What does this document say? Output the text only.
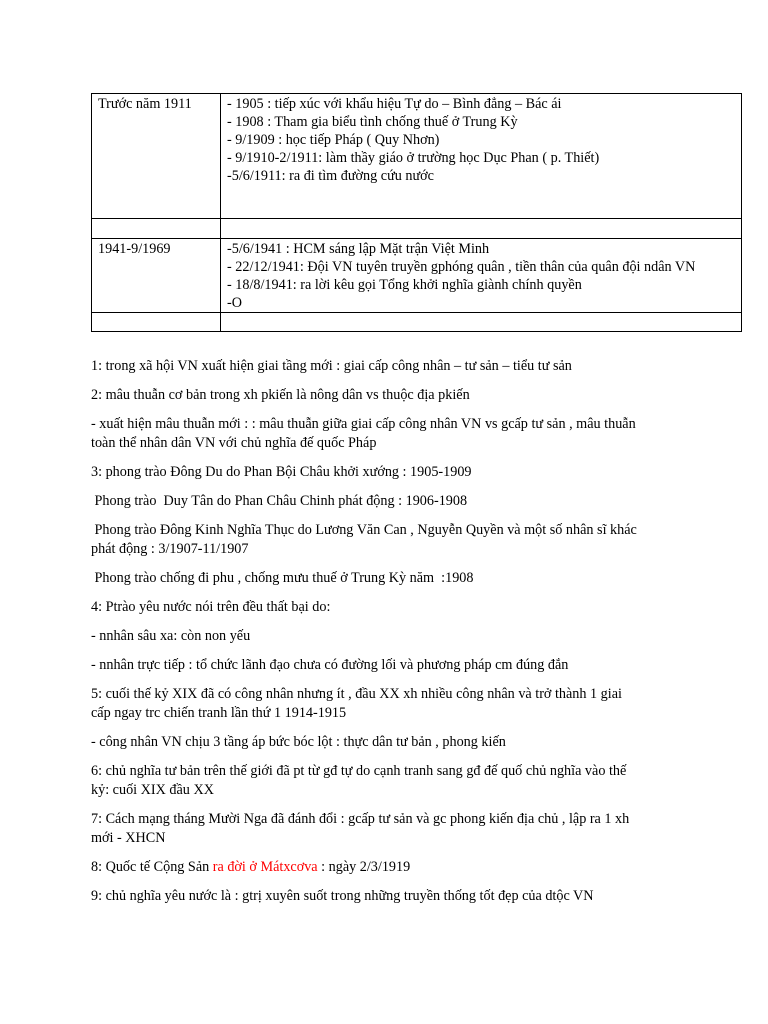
Trước năm 1911	- 1905 : tiếp xúc với khẩu hiệu Tự do – Bình đẳng – Bác ái
- 1908 : Tham gia biểu tình chống thuế ở Trung Kỳ
- 9/1909 : học tiếp Pháp ( Quy Nhơn)
- 9/1910-2/1911: làm thầy giáo ở trường học Dục Phan ( p. Thiết)
-5/6/1911: ra đi tìm đường cứu nước

1941-9/1969	-5/6/1941 : HCM sáng lập Mặt trận Việt Minh
- 22/12/1941: Đội VN tuyên truyền gphóng quân , tiền thân của quân đội ndân VN
- 18/8/1941: ra lời kêu gọi Tổng khởi nghĩa giành chính quyền
-O

1: trong xã hội VN xuất hiện giai tầng mới : giai cấp công nhân – tư sản – tiểu tư sản

2: mâu thuẫn cơ bản trong xh pkiến là nông dân vs thuộc địa pkiến

- xuất hiện mâu thuẫn mới : : mâu thuẫn giữa giai cấp công nhân VN vs gcấp tư sản , mâu thuẫn
toàn thể nhân dân VN với chủ nghĩa đế quốc Pháp

3: phong trào Đông Du do Phan Bội Châu khởi xướng : 1905-1909

Phong trào  Duy Tân do Phan Châu Chinh phát động : 1906-1908

Phong trào Đông Kinh Nghĩa Thục do Lương Văn Can , Nguyễn Quyền và một số nhân sĩ khác
phát động : 3/1907-11/1907

Phong trào chống đi phu , chống mưu thuế ở Trung Kỳ năm  :1908

4: Ptrào yêu nước nói trên đều thất bại do:

- nnhân sâu xa: còn non yếu

- nnhân trực tiếp : tổ chức lãnh đạo chưa có đường lối và phương pháp cm đúng đắn

5: cuối thế kỷ XIX đã có công nhân nhưng ít , đầu XX xh nhiều công nhân và trở thành 1 giai
cấp ngay trc chiến tranh lần thứ 1 1914-1915

- công nhân VN chịu 3 tầng áp bức bóc lột : thực dân tư bản , phong kiến

6: chủ nghĩa tư bản trên thế giới đã pt từ gđ tự do cạnh tranh sang gđ đế quố chủ nghĩa vào thế
kỷ: cuối XIX đầu XX

7: Cách mạng tháng Mười Nga đã đánh đổi : gcấp tư sản và gc phong kiến địa chủ , lập ra 1 xh
mới - XHCN

8: Quốc tế Cộng Sản ra đời ở Mátxcơva : ngày 2/3/1919

9: chủ nghĩa yêu nước là : gtrị xuyên suốt trong những truyền thống tốt đẹp của dtộc VN
